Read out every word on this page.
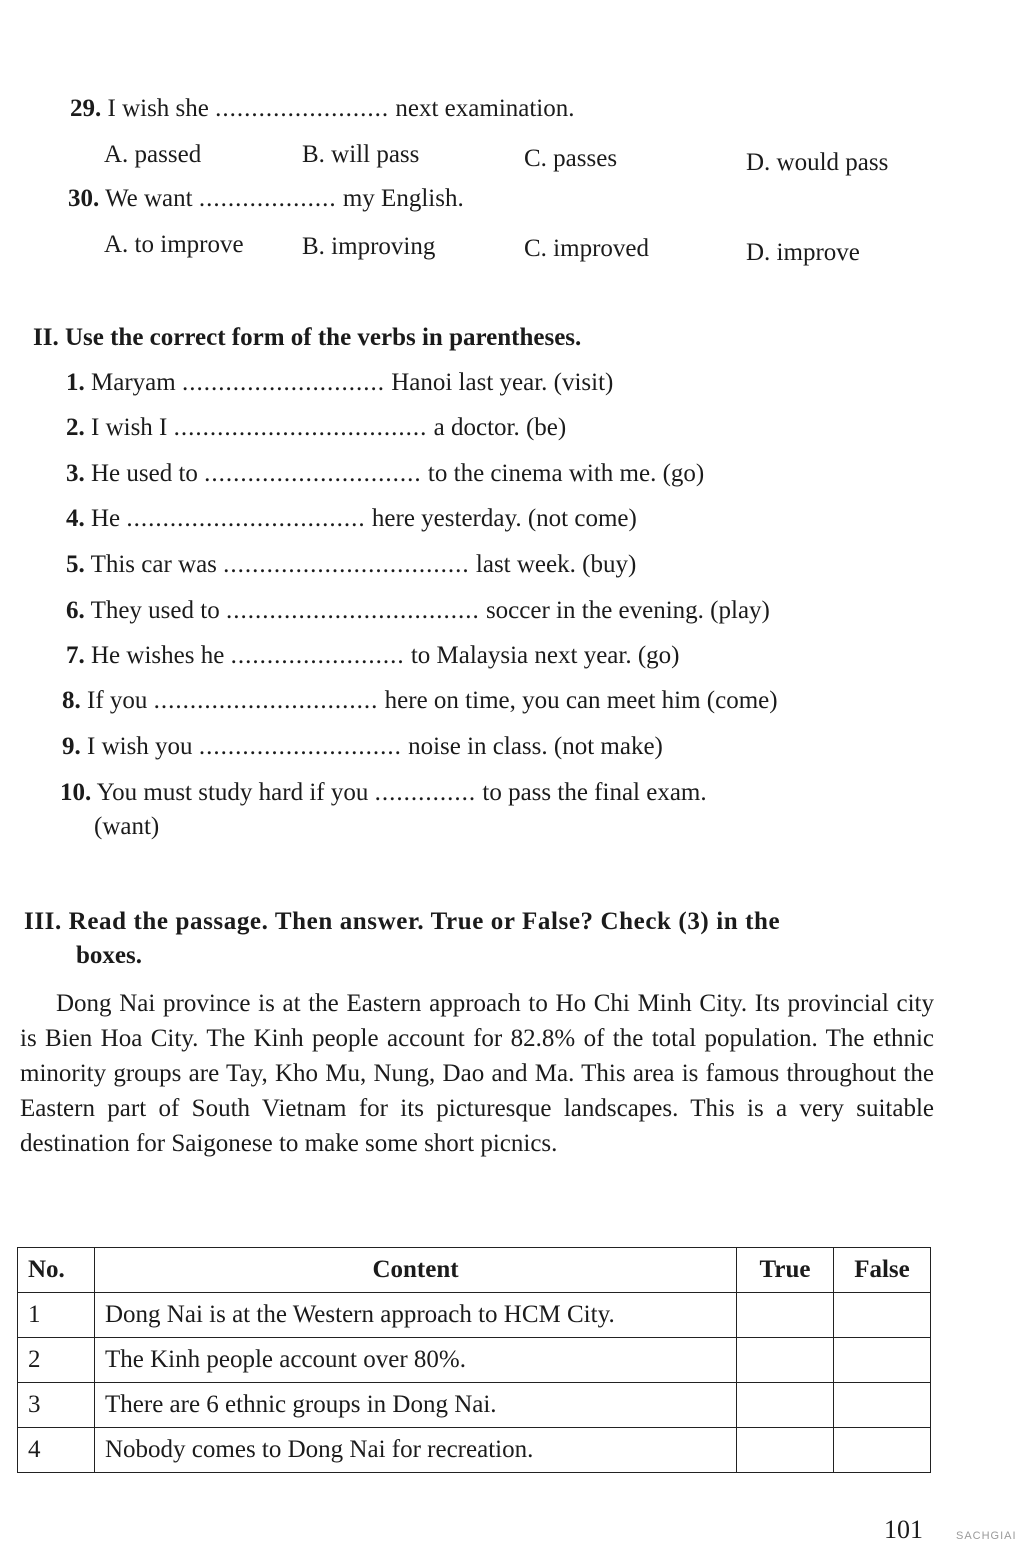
29. I wish she ........................ next examination.
A. passed	B. will pass	C. passes	D. would pass
30. We want ................... my English.
A. to improve B. improving	C. improved	D. improve
II. Use the correct form of the verbs in parentheses.
1. Maryam ............................ Hanoi last year. (visit)
2. I wish I ................................... a doctor. (be)
3. He used to .............................. to the cinema with me. (go)
4. He ................................. here yesterday. (not come)
5. This car was .................................. last week. (buy)
6. They used to ................................... soccer in the evening. (play)
7. He wishes he ........................ to Malaysia next year. (go)
8. If you ............................... here on time, you can meet him (come)
9. I wish you ............................ noise in class. (not make)
10. You must study hard if you .............. to pass the final exam.
(want)
III. Read the passage. Then answer. True or False? Check (3) in the
boxes.
Dong Nai province is at the Eastern approach to Ho Chi Minh City. Its provincial city is Bien Hoa City. The Kinh people account for 82.8% of the total population. The ethnic minority groups are Tay, Kho Mu, Nung, Dao and Ma. This area is famous throughout the Eastern part of South Vietnam for its picturesque landscapes. This is a very suitable destination for Saigonese to make some short picnics.
No.	Content	True	False
1	Dong Nai is at the Western approach to HCM City.		
2	The Kinh people account over 80%.		
3	There are 6 ethnic groups in Dong Nai.		
4	Nobody comes to Dong Nai for recreation.		
101	SACHGIAI
